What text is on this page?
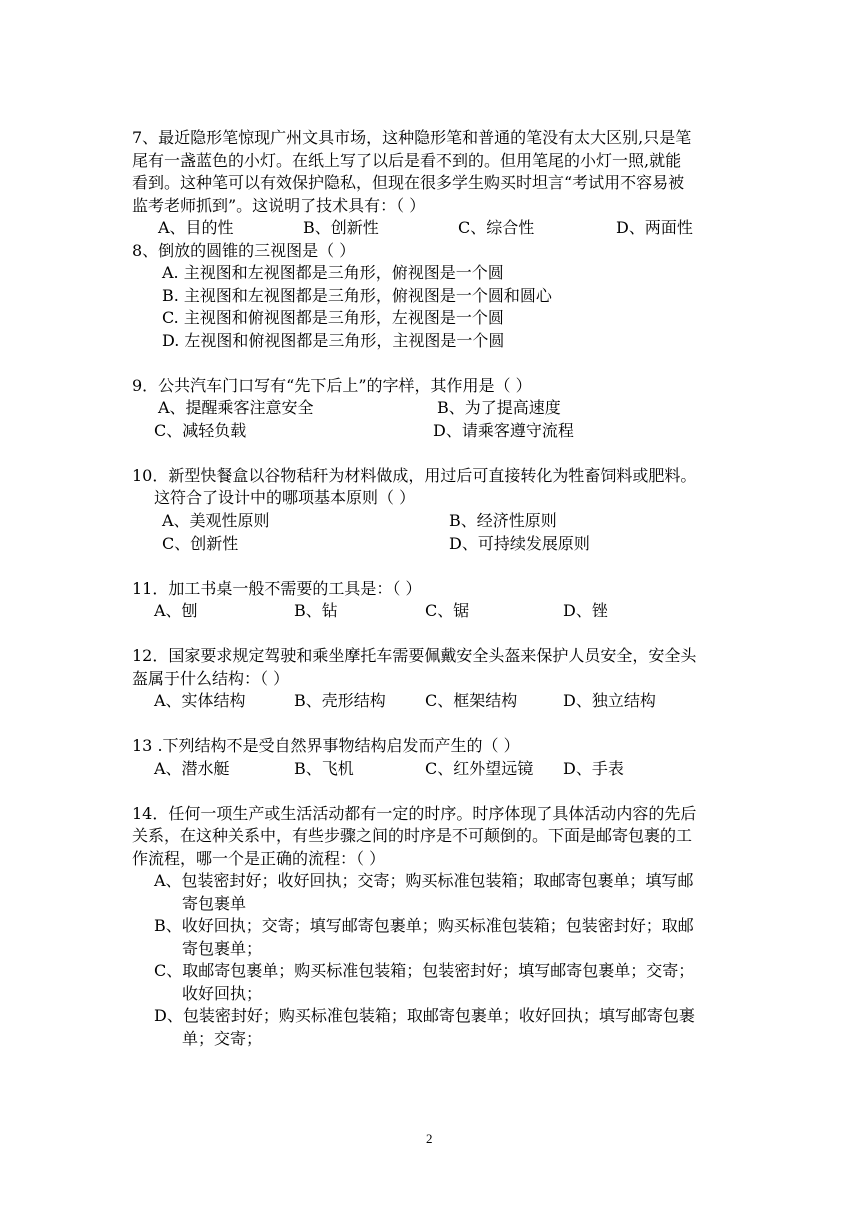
7、最近隐形笔惊现广州文具市场，这种隐形笔和普通的笔没有太大区别,只是笔
尾有一盏蓝色的小灯。在纸上写了以后是看不到的。但用笔尾的小灯一照,就能
看到。这种笔可以有效保护隐私，但现在很多学生购买时坦言“考试用不容易被
监考老师抓到”。这说明了技术具有：（ ）
A、目的性	B、创新性	C、综合性	D、两面性
8、倒放的圆锥的三视图是（ ）
A. 主视图和左视图都是三角形，俯视图是一个圆
B. 主视图和左视图都是三角形，俯视图是一个圆和圆心
C. 主视图和俯视图都是三角形，左视图是一个圆
D. 左视图和俯视图都是三角形，主视图是一个圆
9．公共汽车门口写有“先下后上”的字样，其作用是（ ）
A、提醒乘客注意安全	B、为了提高速度
C、减轻负载	D、请乘客遵守流程
10．新型快餐盒以谷物秸秆为材料做成，用过后可直接转化为牲畜饲料或肥料。
这符合了设计中的哪项基本原则（ ）
A、美观性原则	B、经济性原则
C、创新性	D、可持续发展原则
11．加工书桌一般不需要的工具是：（ ）
A、刨	B、钻	C、锯	D、锉
12．国家要求规定驾驶和乘坐摩托车需要佩戴安全头盔来保护人员安全，安全头
盔属于什么结构：（ ）
A、实体结构	B、壳形结构 C、框架结构	D、独立结构
13 .下列结构不是受自然界事物结构启发而产生的（ ）
A、潜水艇	B、飞机	C、红外望远镜 D、手表
14．任何一项生产或生活活动都有一定的时序。时序体现了具体活动内容的先后
关系，在这种关系中，有些步骤之间的时序是不可颠倒的。下面是邮寄包裹的工
作流程，哪一个是正确的流程：（ ）
A、包装密封好；收好回执；交寄；购买标准包装箱；取邮寄包裹单；填写邮
寄包裹单
B、收好回执；交寄；填写邮寄包裹单；购买标准包装箱；包装密封好；取邮
寄包裹单；
C、取邮寄包裹单；购买标准包装箱；包装密封好；填写邮寄包裹单；交寄；
收好回执；
D、包装密封好；购买标准包装箱；取邮寄包裹单；收好回执；填写邮寄包裹
单；交寄；
2
